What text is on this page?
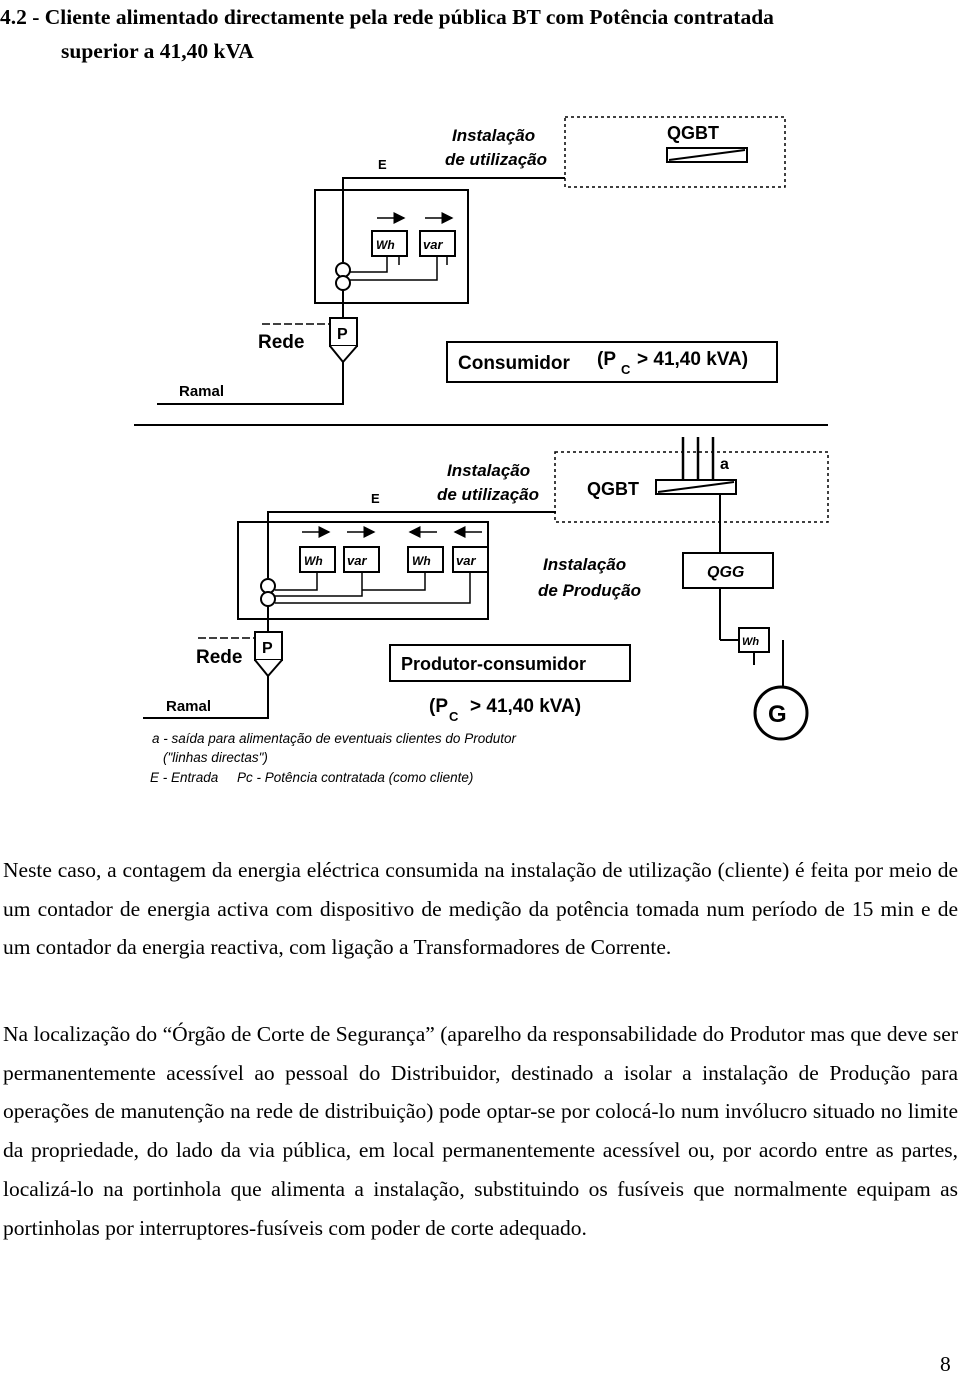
4.2 - Cliente alimentado directamente pela rede pública BT com Potência contratada
superior a 41,40 kVA
Instalação
de utilização
QGBT
E
Wh var
Rede P
Ramal
Consumidor (P C > 41,40 kVA)
Instalação
de utilização	QGBT
a
E
Wh var	Wh var	Instalação
de Produção
QGG
Wh
G
Rede P
Ramal
Produtor-consumidor
(P C > 41,40 kVA)
a - saída para alimentação de eventuais clientes do Produtor
("linhas directas")
E - Entrada     Pc - Potência contratada (como cliente)

Neste caso, a contagem da energia eléctrica consumida na instalação de utilização (cliente) é feita por meio de um contador de energia activa com dispositivo de medição da potência tomada num período de 15 min e de um contador da energia reactiva, com ligação a Transformadores de Corrente.

Na localização do “Órgão de Corte de Segurança” (aparelho da responsabilidade do Produtor mas que deve ser permanentemente acessível ao pessoal do Distribuidor, destinado a isolar a instalação de Produção para operações de manutenção na rede de distribuição) pode optar-se por colocá-lo num invólucro situado no limite da propriedade, do lado da via pública, em local permanentemente acessível ou, por acordo entre as partes, localizá-lo na portinhola que alimenta a instalação, substituindo os fusíveis que normalmente equipam as portinholas por interruptores-fusíveis com poder de corte adequado.

8
